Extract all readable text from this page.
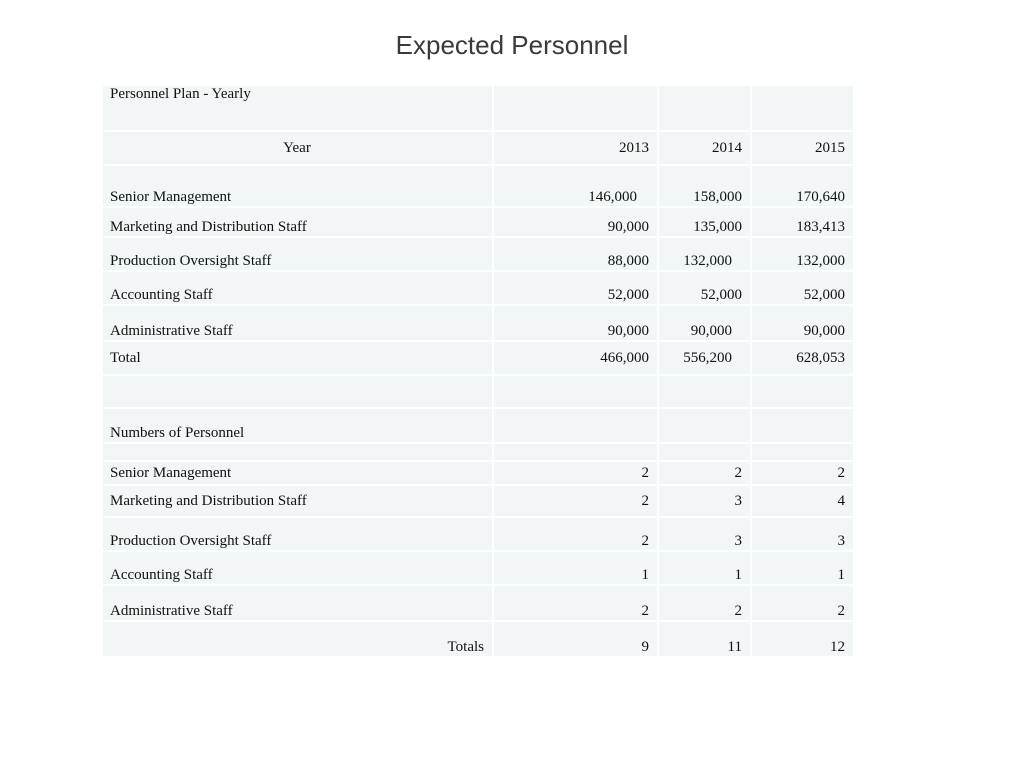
Expected Personnel
Personnel Plan - Yearly			
Year	2013	2014	2015
Senior Management	146,000	158,000	170,640
Marketing and Distribution Staff	90,000	135,000	183,413
Production Oversight Staff	88,000	132,000	132,000
Accounting Staff	52,000	52,000	52,000
Administrative Staff	90,000	90,000	90,000
Total	466,000	556,200	628,053

Numbers of Personnel			

Senior Management	2	2	2
Marketing and Distribution Staff	2	3	4
Production Oversight Staff	2	3	3
Accounting Staff	1	1	1
Administrative Staff	2	2	2
Totals	9	11	12
